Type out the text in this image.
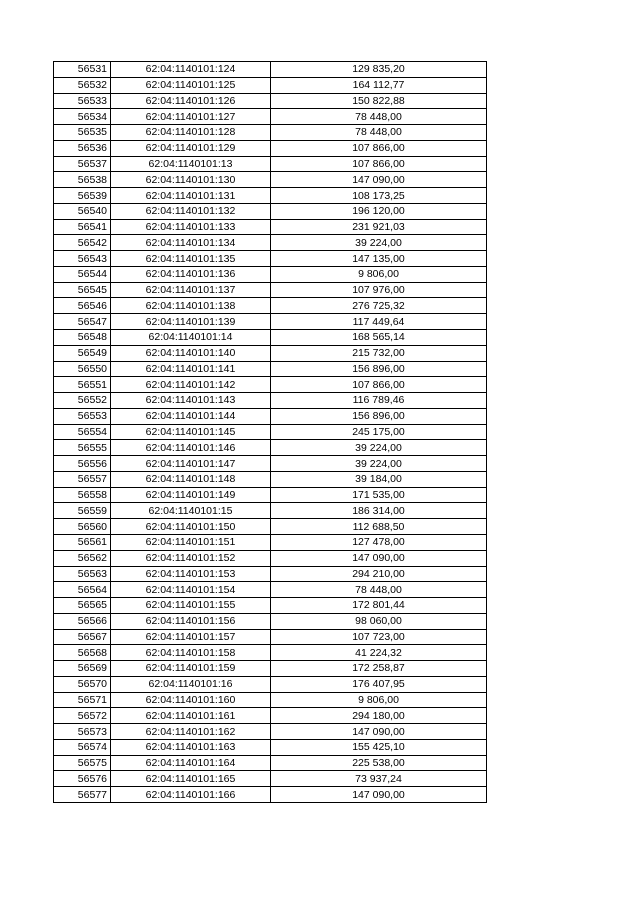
56531	62:04:1140101:124	129 835,20
56532	62:04:1140101:125	164 112,77
56533	62:04:1140101:126	150 822,88
56534	62:04:1140101:127	78 448,00
56535	62:04:1140101:128	78 448,00
56536	62:04:1140101:129	107 866,00
56537	62:04:1140101:13	107 866,00
56538	62:04:1140101:130	147 090,00
56539	62:04:1140101:131	108 173,25
56540	62:04:1140101:132	196 120,00
56541	62:04:1140101:133	231 921,03
56542	62:04:1140101:134	39 224,00
56543	62:04:1140101:135	147 135,00
56544	62:04:1140101:136	9 806,00
56545	62:04:1140101:137	107 976,00
56546	62:04:1140101:138	276 725,32
56547	62:04:1140101:139	117 449,64
56548	62:04:1140101:14	168 565,14
56549	62:04:1140101:140	215 732,00
56550	62:04:1140101:141	156 896,00
56551	62:04:1140101:142	107 866,00
56552	62:04:1140101:143	116 789,46
56553	62:04:1140101:144	156 896,00
56554	62:04:1140101:145	245 175,00
56555	62:04:1140101:146	39 224,00
56556	62:04:1140101:147	39 224,00
56557	62:04:1140101:148	39 184,00
56558	62:04:1140101:149	171 535,00
56559	62:04:1140101:15	186 314,00
56560	62:04:1140101:150	112 688,50
56561	62:04:1140101:151	127 478,00
56562	62:04:1140101:152	147 090,00
56563	62:04:1140101:153	294 210,00
56564	62:04:1140101:154	78 448,00
56565	62:04:1140101:155	172 801,44
56566	62:04:1140101:156	98 060,00
56567	62:04:1140101:157	107 723,00
56568	62:04:1140101:158	41 224,32
56569	62:04:1140101:159	172 258,87
56570	62:04:1140101:16	176 407,95
56571	62:04:1140101:160	9 806,00
56572	62:04:1140101:161	294 180,00
56573	62:04:1140101:162	147 090,00
56574	62:04:1140101:163	155 425,10
56575	62:04:1140101:164	225 538,00
56576	62:04:1140101:165	73 937,24
56577	62:04:1140101:166	147 090,00
